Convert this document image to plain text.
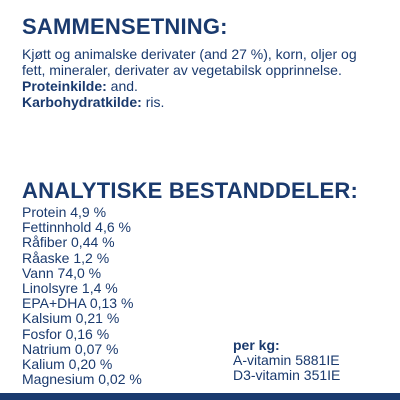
SAMMENSETNING:

Kjøtt og animalske derivater (and 27 %), korn, oljer og fett, mineraler, derivater av vegetabilsk opprinnelse.

Proteinkilde: and.

Karbohydratkilde: ris.

ANALYTISKE BESTANDDELER:
Protein 4,9 %
Fettinnhold 4,6 %
Råfiber 0,44 %
Råaske 1,2 %
Vann 74,0 %
Linolsyre 1,4 %
EPA+DHA 0,13 %
Kalsium 0,21 %
Fosfor 0,16 %
Natrium 0,07 %
Kalium 0,20 %
Magnesium 0,02 %
per kg:
A-vitamin 5881IE
D3-vitamin 351IE
